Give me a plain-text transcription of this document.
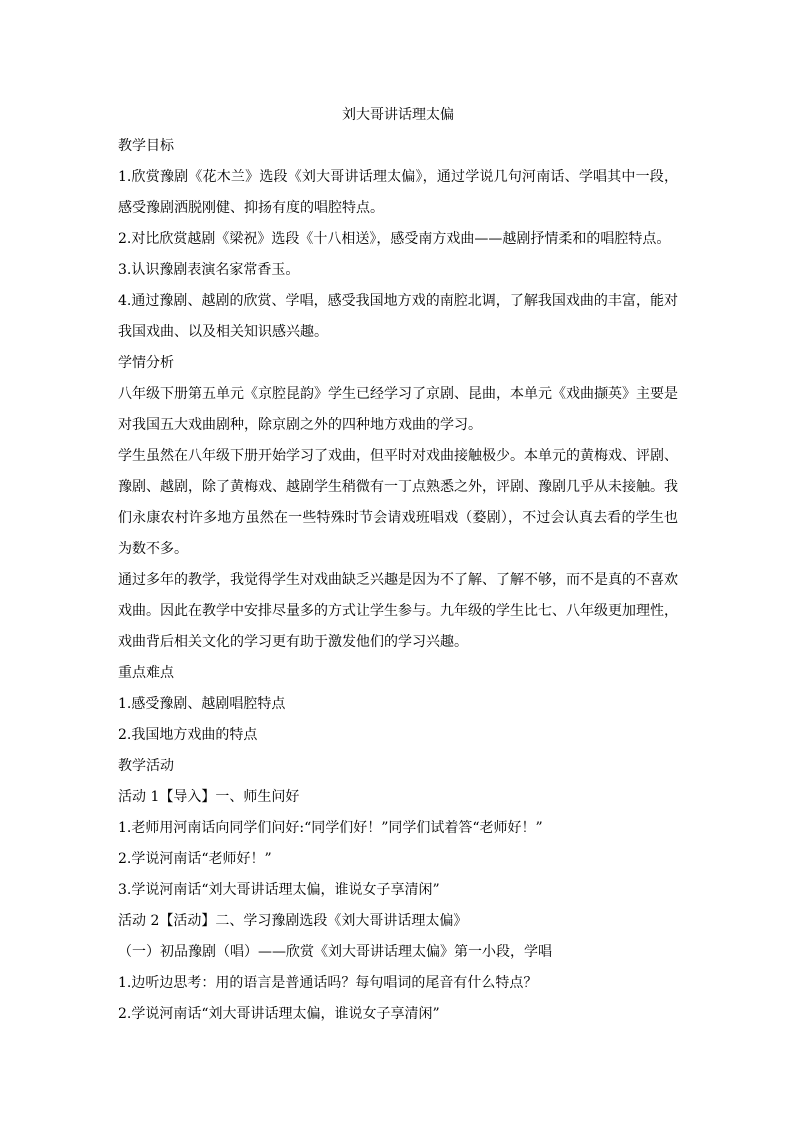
刘大哥讲话理太偏

教学目标

1.欣赏豫剧《花木兰》选段《刘大哥讲话理太偏》，通过学说几句河南话、学唱其中一段，感受豫剧洒脱刚健、抑扬有度的唱腔特点。

2.对比欣赏越剧《梁祝》选段《十八相送》，感受南方戏曲——越剧抒情柔和的唱腔特点。

3.认识豫剧表演名家常香玉。

4.通过豫剧、越剧的欣赏、学唱，感受我国地方戏的南腔北调，了解我国戏曲的丰富，能对我国戏曲、以及相关知识感兴趣。

学情分析

八年级下册第五单元《京腔昆韵》学生已经学习了京剧、昆曲，本单元《戏曲撷英》主要是对我国五大戏曲剧种，除京剧之外的四种地方戏曲的学习。

学生虽然在八年级下册开始学习了戏曲，但平时对戏曲接触极少。本单元的黄梅戏、评剧、豫剧、越剧，除了黄梅戏、越剧学生稍微有一丁点熟悉之外，评剧、豫剧几乎从未接触。我们永康农村许多地方虽然在一些特殊时节会请戏班唱戏（婺剧），不过会认真去看的学生也为数不多。

通过多年的教学，我觉得学生对戏曲缺乏兴趣是因为不了解、了解不够，而不是真的不喜欢戏曲。因此在教学中安排尽量多的方式让学生参与。九年级的学生比七、八年级更加理性，戏曲背后相关文化的学习更有助于激发他们的学习兴趣。

重点难点

1.感受豫剧、越剧唱腔特点

2.我国地方戏曲的特点

教学活动

活动 1【导入】一、师生问好

1.老师用河南话向同学们问好:“同学们好！”同学们试着答“老师好！”

2.学说河南话“老师好！”

3.学说河南话“刘大哥讲话理太偏，谁说女子享清闲”

活动 2【活动】二、学习豫剧选段《刘大哥讲话理太偏》

（一）初品豫剧（唱）——欣赏《刘大哥讲话理太偏》第一小段，学唱

1.边听边思考：用的语言是普通话吗？每句唱词的尾音有什么特点？

2.学说河南话“刘大哥讲话理太偏，谁说女子享清闲”
